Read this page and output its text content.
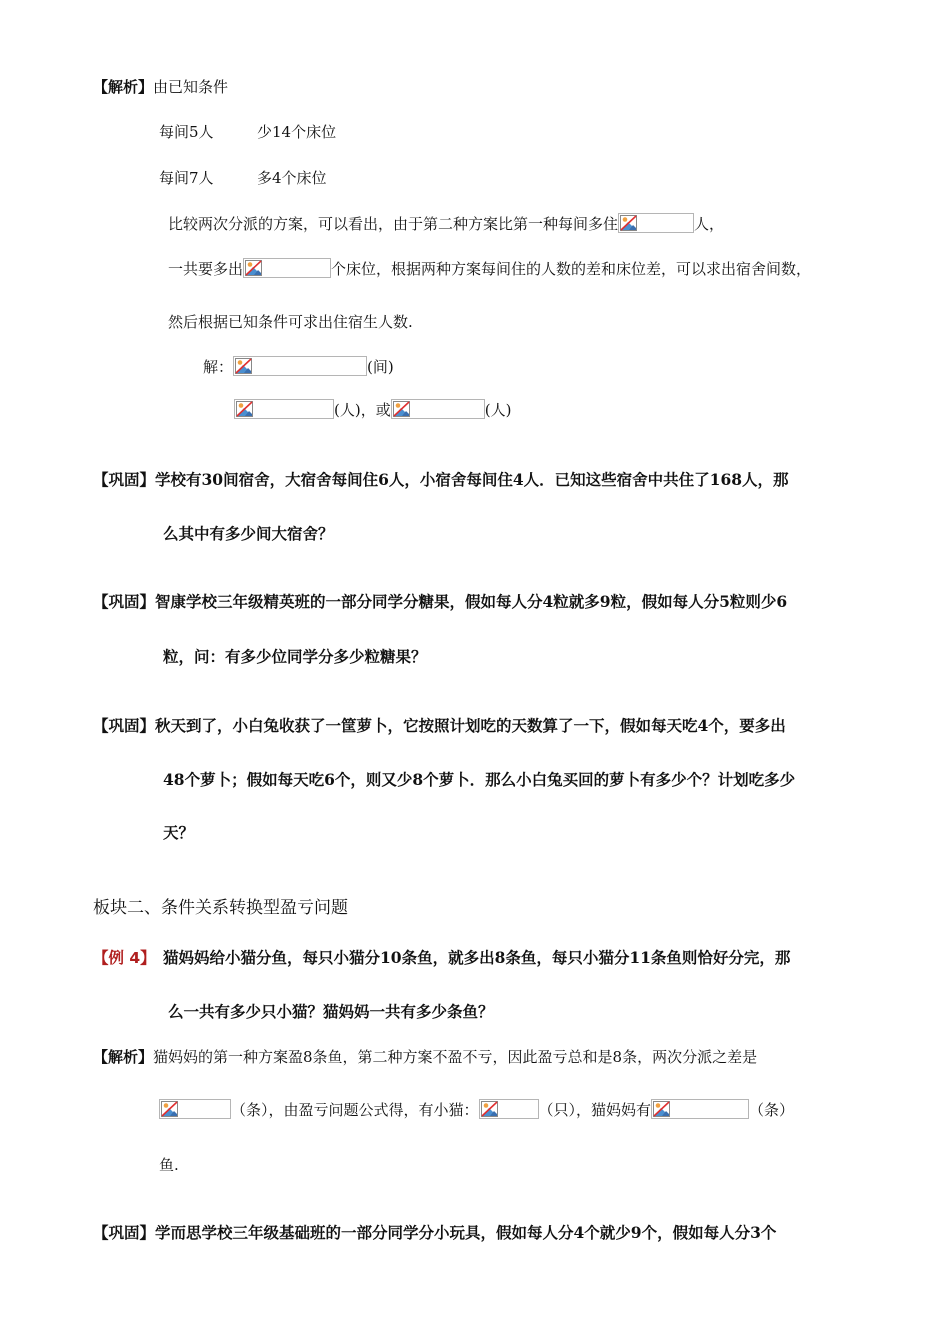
【解析】由已知条件
每间5人	少14个床位
每间7人	多4个床位
比较两次分派的方案，可以看出，由于第二种方案比第一种每间多住	人，
一共要多出	个床位，根据两种方案每间住的人数的差和床位差，可以求出宿舍间数，
然后根据已知条件可求出住宿生人数.
解：	(间)
(人)，或	(人)
【巩固】学校有30间宿舍，大宿舍每间住6人，小宿舍每间住4人．已知这些宿舍中共住了168人，那
么其中有多少间大宿舍？
【巩固】智康学校三年级精英班的一部分同学分糖果，假如每人分4粒就多9粒，假如每人分5粒则少6
粒，问：有多少位同学分多少粒糖果？
【巩固】秋天到了，小白兔收获了一筐萝卜，它按照计划吃的天数算了一下，假如每天吃4个，要多出
48个萝卜；假如每天吃6个，则又少8个萝卜．那么小白兔买回的萝卜有多少个？计划吃多少
天？
板块二、条件关系转换型盈亏问题
【例 4】 猫妈妈给小猫分鱼，每只小猫分10条鱼，就多出8条鱼，每只小猫分11条鱼则恰好分完，那
么一共有多少只小猫？猫妈妈一共有多少条鱼？
【解析】猫妈妈的第一种方案盈8条鱼，第二种方案不盈不亏，因此盈亏总和是8条，两次分派之差是
（条），由盈亏问题公式得，有小猫：	（只），猫妈妈有	（条）
鱼.
【巩固】学而思学校三年级基础班的一部分同学分小玩具，假如每人分4个就少9个，假如每人分3个
